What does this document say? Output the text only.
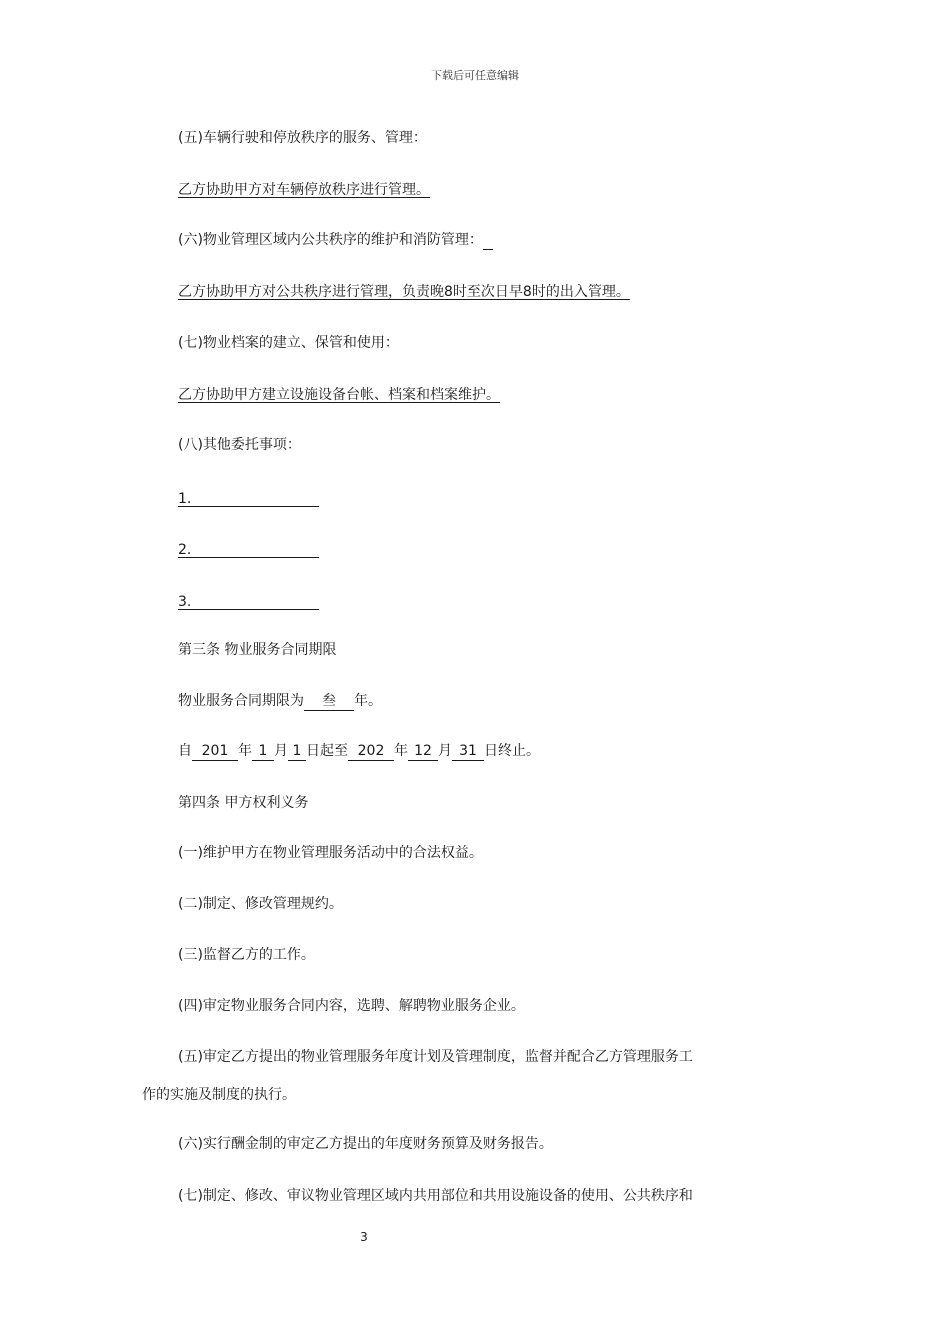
下载后可任意编辑
(五)车辆行驶和停放秩序的服务、管理：
乙方协助甲方对车辆停放秩序进行管理。
(六)物业管理区域内公共秩序的维护和消防管理：
乙方协助甲方对公共秩序进行管理，负责晚8时至次日早8时的出入管理。
(七)物业档案的建立、保管和使用：
乙方协助甲方建立设施设备台帐、档案和档案维护。
(八)其他委托事项：
1.
2.
3.
第三条 物业服务合同期限
物业服务合同期限为 叁 年。
自 201 年 1 月 1 日起至 202 年 12 月 31 日终止。
第四条 甲方权利义务
(一)维护甲方在物业管理服务活动中的合法权益。
(二)制定、修改管理规约。
(三)监督乙方的工作。
(四)审定物业服务合同内容，选聘、解聘物业服务企业。
(五)审定乙方提出的物业管理服务年度计划及管理制度，监督并配合乙方管理服务工
作的实施及制度的执行。
(六)实行酬金制的审定乙方提出的年度财务预算及财务报告。
(七)制定、修改、审议物业管理区域内共用部位和共用设施设备的使用、公共秩序和
3
